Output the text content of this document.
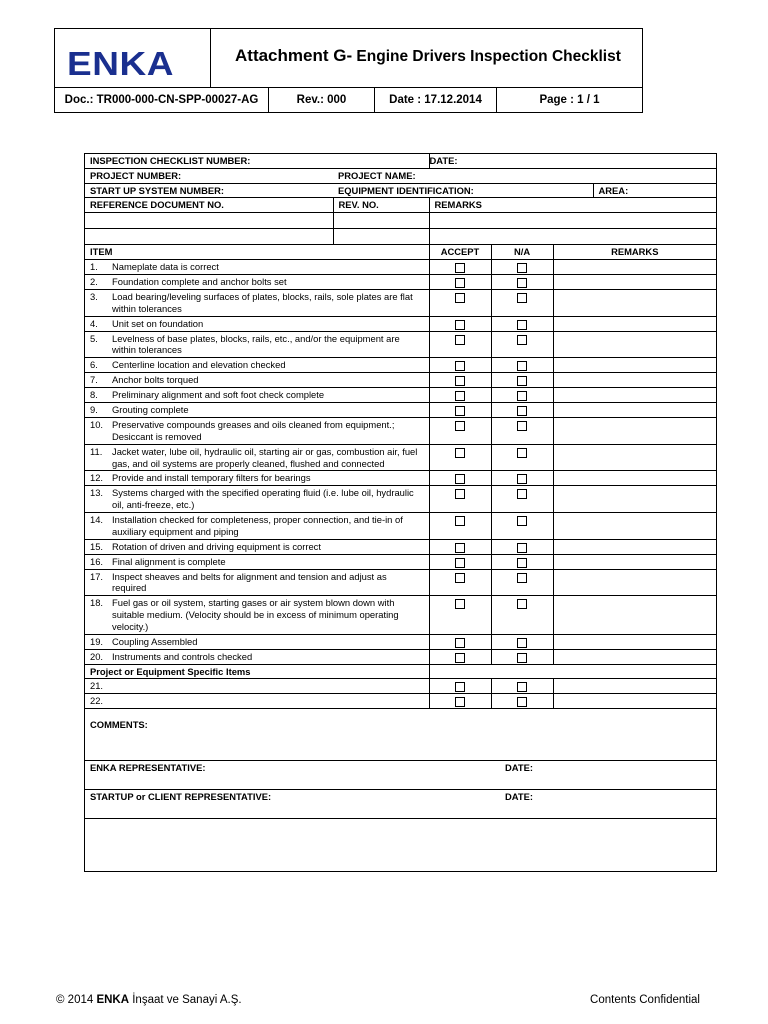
ENKA	Attachment G- Engine Drivers Inspection Checklist
Doc.: TR000-000-CN-SPP-00027-AG	Rev.: 000	Date : 17.12.2014	Page : 1 / 1
INSPECTION CHECKLIST NUMBER:		DATE:			
PROJECT NUMBER:	PROJECT NAME:				
START UP SYSTEM NUMBER:	EQUIPMENT IDENTIFICATION:				AREA:
REFERENCE DOCUMENT NO.	REV. NO.	REMARKS			

ITEM		ACCEPT	N/A	REMARKS	
1. Nameplate data is correct			

2. Foundation complete and anchor bolts set			

3. Load bearing/leveling surfaces of plates, blocks, rails, sole plates are flat within tolerances			

4. Unit set on foundation			

5. Levelness of base plates, blocks, rails, etc., and/or the equipment are within tolerances			

6. Centerline location and elevation checked			

7. Anchor bolts torqued			

8. Preliminary alignment and soft foot check complete			

9. Grouting complete			

10. Preservative compounds greases and oils cleaned from equipment.; Desiccant is removed			

11. Jacket water, lube oil, hydraulic oil, starting air or gas, combustion air, fuel gas, and oil systems are properly cleaned, flushed and connected			

12. Provide and install temporary filters for bearings			

13. Systems charged with the specified operating fluid (i.e. lube oil, hydraulic oil, anti-freeze, etc.)			

14. Installation checked for completeness, proper connection, and tie-in of auxiliary equipment and piping			

15. Rotation of driven and driving equipment is correct			

16. Final alignment is complete			

17. Inspect sheaves and belts for alignment and tension and adjust as required			

18. Fuel gas or oil system, starting gases or air system blown down with suitable medium. (Velocity should be in excess of minimum operating velocity.)			

19. Coupling Assembled			

20. Instruments and controls checked			

Project or Equipment Specific Items					
21.			

22.			

COMMENTS:					
ENKA REPRESENTATIVE:				DATE:	
STARTUP or CLIENT REPRESENTATIVE:				DATE:	
© 2014 ENKA İnşaat ve Sanayi A.Ş.	Contents Confidential
